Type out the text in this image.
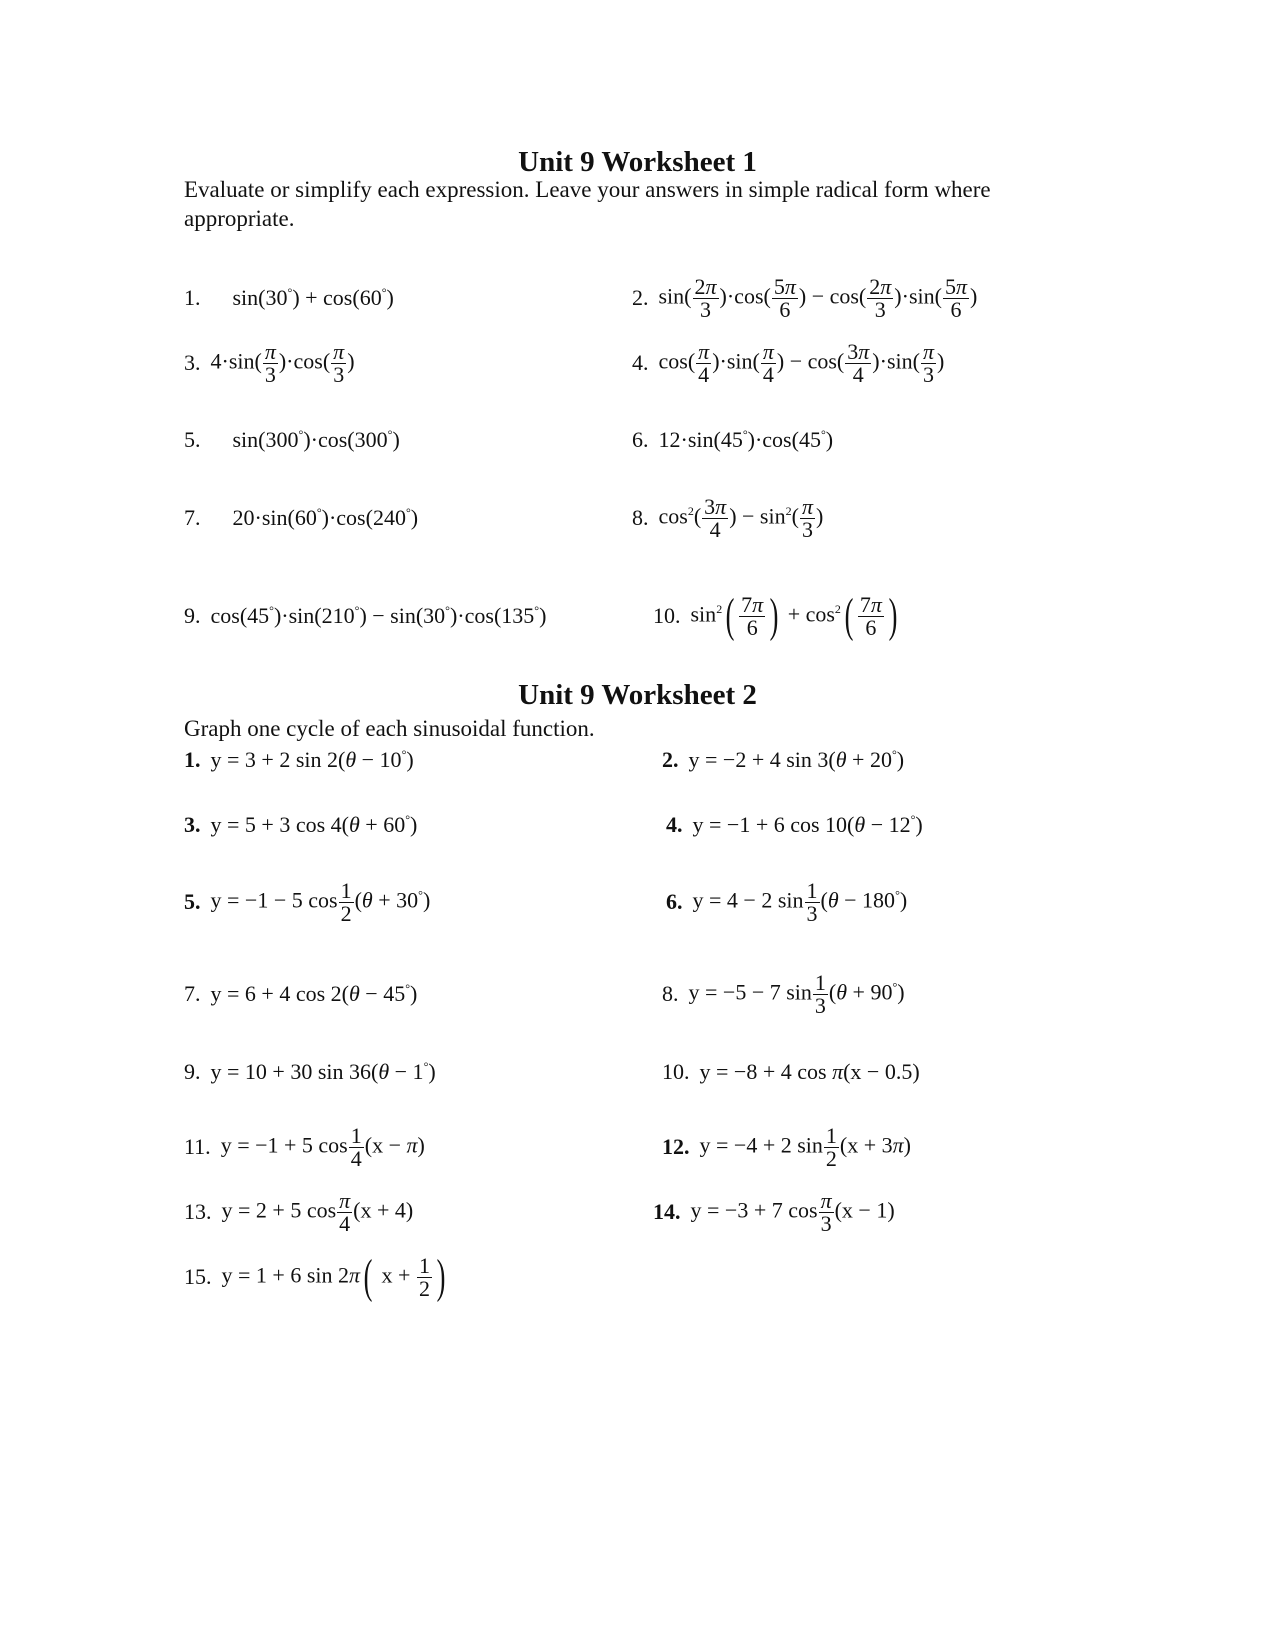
Unit 9 Worksheet 1
Evaluate or simplify each expression. Leave your answers in simple radical form where appropriate.
1. sin(30°) + cos(60°)	2. $\sin( \frac{2\pi}{3} )\cdot\cos( \frac{5\pi}{6}$ ) − $\cos( \frac{2\pi}{3} )\cdot\sin( \frac{5\pi}{6}$ )
3. $4\cdot\sin( \frac{\pi}{3} )\cdot\cos( \frac{\pi}{3}$ )	4. $\cos( \frac{\pi}{4} )\cdot\sin( \frac{\pi}{4}$ ) − $\cos( \frac{3\pi}{4} )\cdot\sin( \frac{\pi}{3}$ )
5. sin(300°)·cos(300°)	6. 12·sin(45°)·cos(45°)
7. 20·sin(60°)·cos(240°)	8. $\cos^2( \frac{3\pi}{4}$ ) − $\sin^2( \frac{\pi}{3}$ )
9. cos(45°)·sin(210°) − sin(30°)·cos(135°)	10. $\sin^2( \frac{7\pi}{6}$ ) + $\cos^2( \frac{7\pi}{6}$ )
Unit 9 Worksheet 2
Graph one cycle of each sinusoidal function.
1. y = 3 + 2 sin 2(θ − 10°)	2. y = −2 + 4 sin 3(θ + 20°)
3. y = 5 + 3 cos 4(θ + 60°)	4. y = −1 + 6 cos 10(θ − 12°)
5. y = −1 − 5 $\cos \frac{1}{2} (\theta + 30^\circ)$	6. y = 4 − 2 $\sin \frac{1}{3} (\theta - 180^\circ)$
7. y = 6 + 4 cos 2(θ − 45°)	8. y = −5 − 7 $\sin \frac{1}{3} (\theta + 90^\circ)$
9. y = 10 + 30 sin 36(θ − 1°)	10. y = −8 + 4 cos π(x − 0.5)
11. y = −1 + 5 $\cos \frac{1}{4} (x - \pi)$	12. y = −4 + 2 $\sin \frac{1}{2} (x + 3\pi)$
13. y = 2 + 5 $\cos \frac{\pi}{4} (x + 4)$	14. y = −3 + 7 $\cos \frac{\pi}{3} (x - 1)$
15. y = 1 + 6 sin 2π( $x + \frac{1}{2}$ )
